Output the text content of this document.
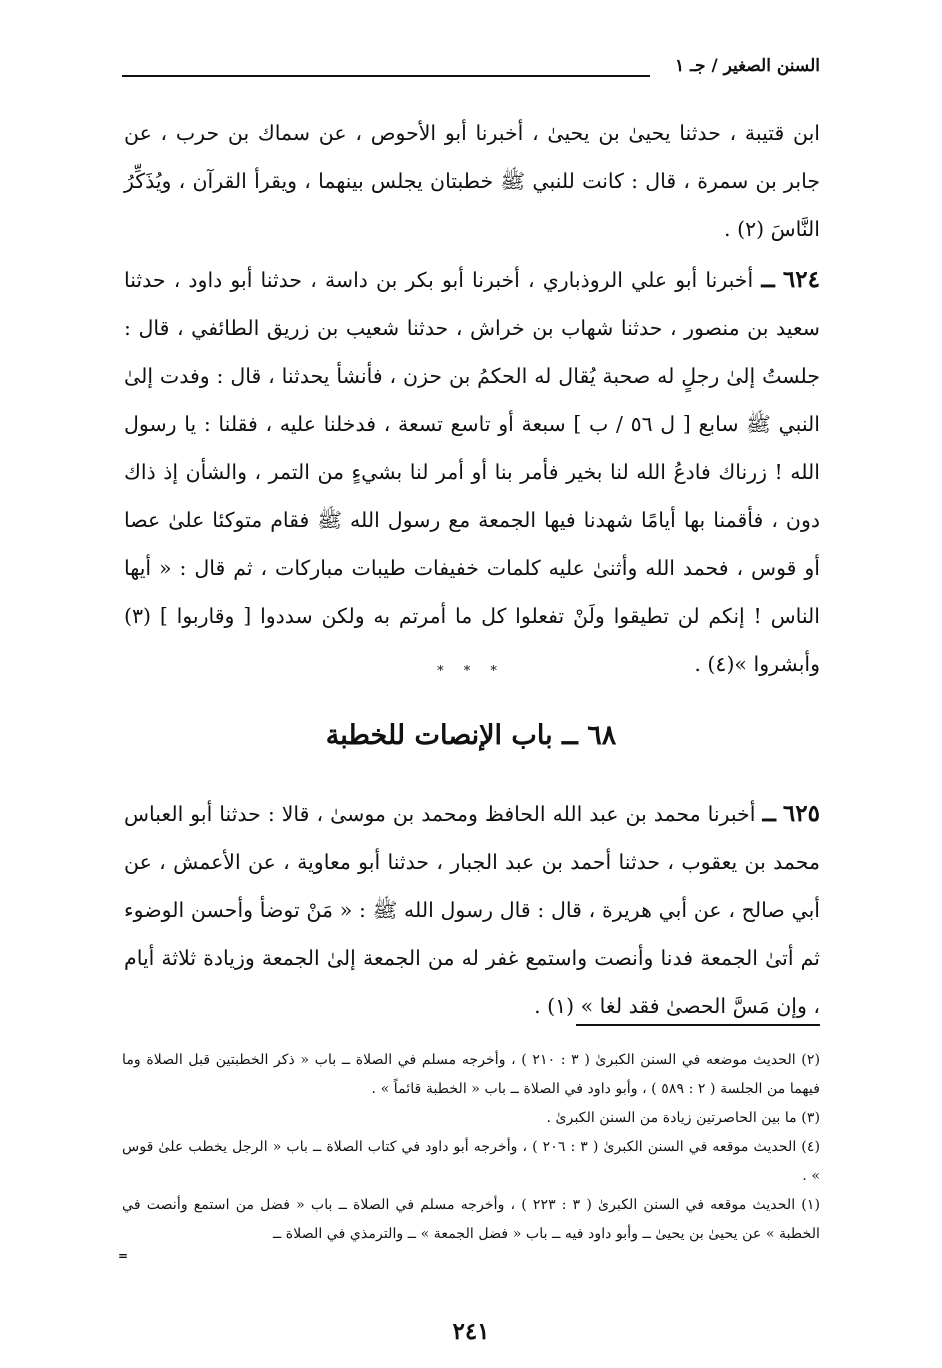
السنن الصغير / جـ ١

ابن قتيبة ، حدثنا يحيىٰ بن يحيىٰ ، أخبرنا أبو الأحوص ، عن سماك بن حرب ، عن جابر بن سمرة ، قال : كانت للنبي ﷺ خطبتان يجلس بينهما ، ويقرأ القرآن ، ويُذَكِّرُ النَّاسَ (٢) .

٦٢٤ ــ أخبرنا أبو علي الروذباري ، أخبرنا أبو بكر بن داسة ، حدثنا أبو داود ، حدثنا سعيد بن منصور ، حدثنا شهاب بن خراش ، حدثنا شعيب بن زريق الطائفي ، قال : جلستُ إلىٰ رجلٍ له صحبة يُقال له الحكمُ بن حزن ، فأنشأ يحدثنا ، قال : وفدت إلىٰ النبي ﷺ سابع [ ل ٥٦ / ب ] سبعة أو تاسع تسعة ، فدخلنا عليه ، فقلنا : يا رسول الله ! زرناك فادعُ الله لنا بخير فأمر بنا أو أمر لنا بشيءٍ من التمر ، والشأن إذ ذاك دون ، فأقمنا بها أيامًا شهدنا فيها الجمعة مع رسول الله ﷺ فقام متوكئا علىٰ عصا أو قوس ، فحمد الله وأثنىٰ عليه كلمات خفيفات طيبات مباركات ، ثم قال : « أيها الناس ! إنكم لن تطيقوا ولَنْ تفعلوا كل ما أمرتم به ولكن سددوا [ وقاربوا ] (٣) وأبشروا »(٤) .

* * *
٦٨ ــ باب الإنصات للخطبة

٦٢٥ ــ أخبرنا محمد بن عبد الله الحافظ ومحمد بن موسىٰ ، قالا : حدثنا أبو العباس محمد بن يعقوب ، حدثنا أحمد بن عبد الجبار ، حدثنا أبو معاوية ، عن الأعمش ، عن أبي صالح ، عن أبي هريرة ، قال : قال رسول الله ﷺ : « مَنْ توضأ وأحسن الوضوء ثم أتىٰ الجمعة فدنا وأنصت واستمع غفر له من الجمعة إلىٰ الجمعة وزيادة ثلاثة أيام ، وإن مَسَّ الحصىٰ فقد لغا » (١) .

(٢) الحديث موضعه في السنن الكبرىٰ ( ٣ : ٢١٠ ) ، وأخرجه مسلم في الصلاة ــ باب « ذكر الخطبتين قبل الصلاة وما فيهما من الجلسة ( ٢ : ٥٨٩ ) ، وأبو داود في الصلاة ــ باب « الخطبة قائماً » .

(٣) ما بين الحاصرتين زيادة من السنن الكبرىٰ .

(٤) الحديث موقعه في السنن الكبرىٰ ( ٣ : ٢٠٦ ) ، وأخرجه أبو داود في كتاب الصلاة ــ باب « الرجل يخطب علىٰ قوس » .

(١) الحديث موقعه في السنن الكبرىٰ ( ٣ : ٢٢٣ ) ، وأخرجه مسلم في الصلاة ــ باب « فضل من استمع وأنصت في الخطبة » عن يحيىٰ بن يحيىٰ ــ وأبو داود فيه ــ باب « فضل الجمعة » ــ والترمذي في الصلاة ــ

=
٢٤١
